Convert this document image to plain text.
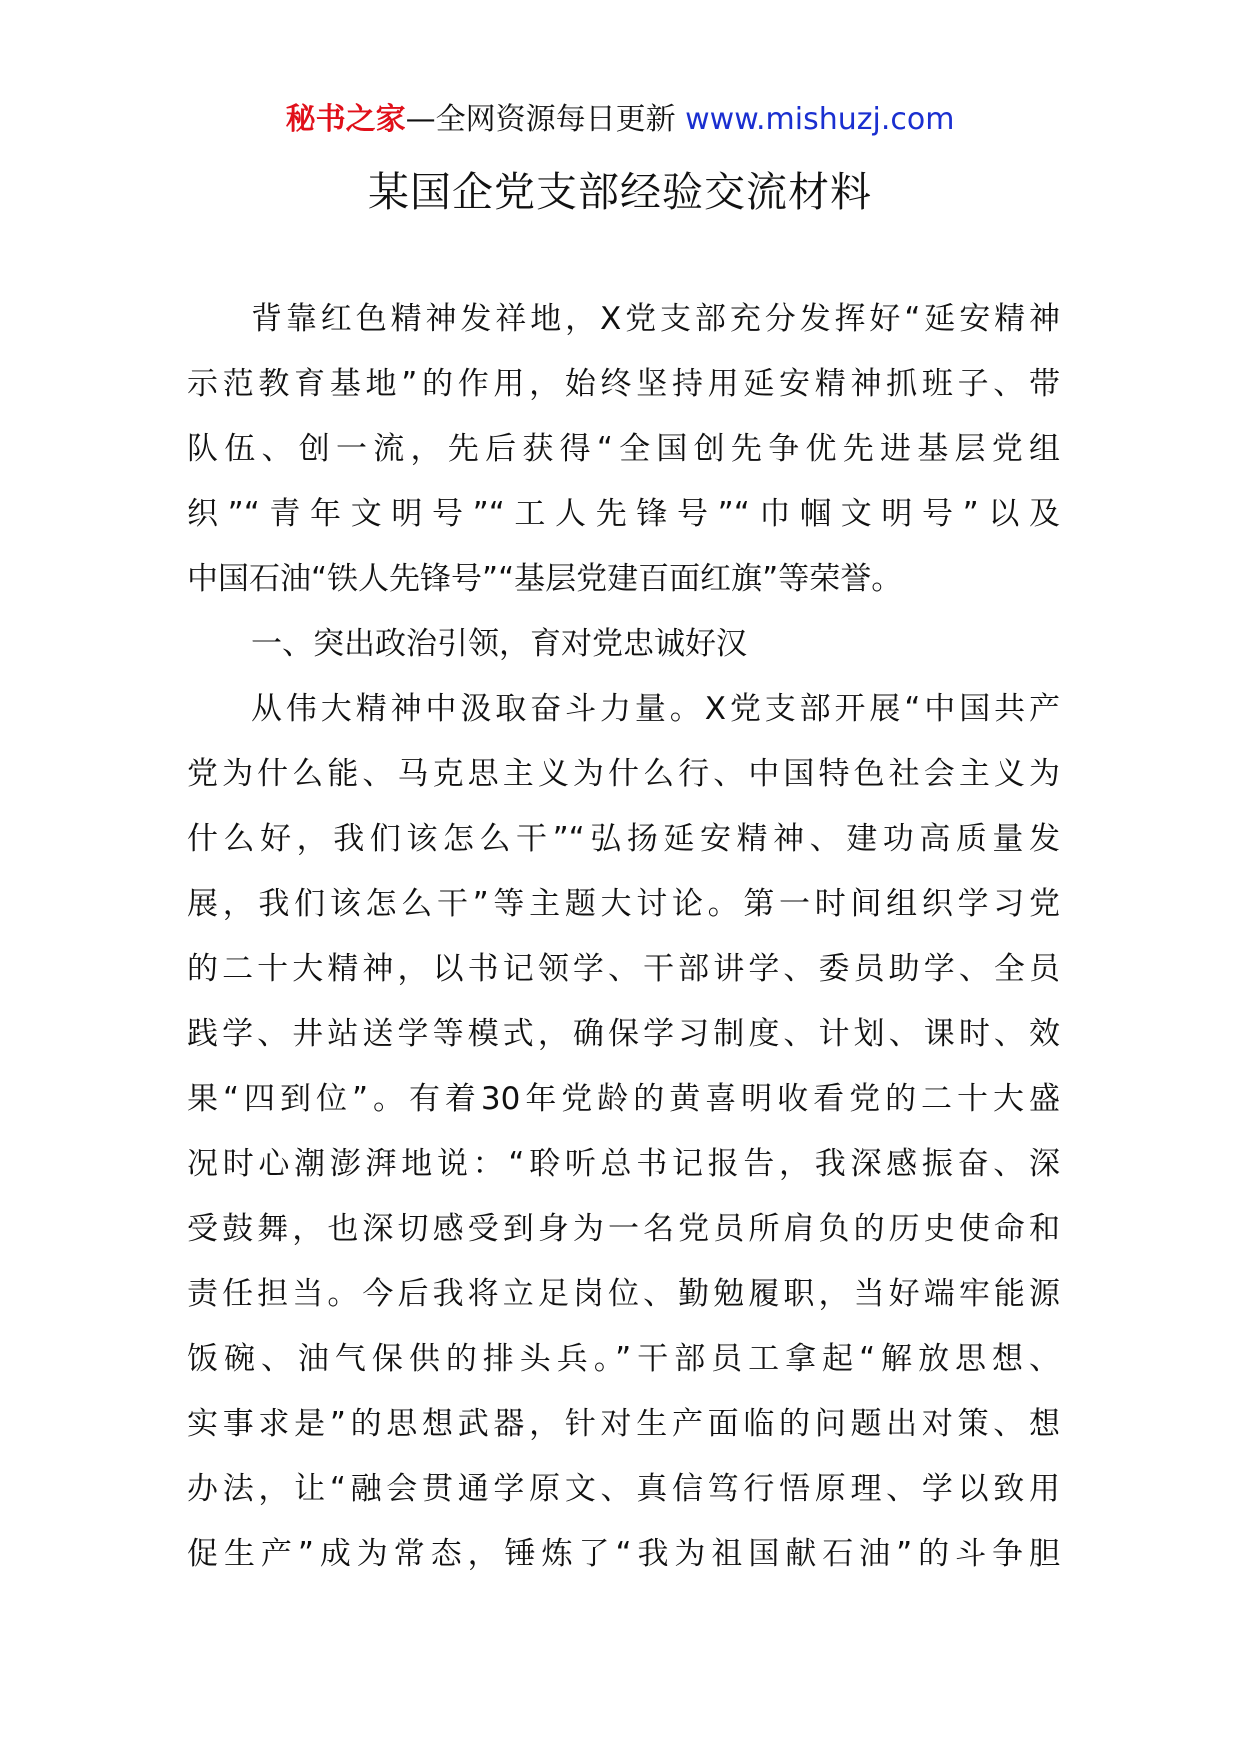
秘书之家—全网资源每日更新 www.mishuzj.com
某国企党支部经验交流材料
背靠红色精神发祥地，X党支部充分发挥好“延安精神
示范教育基地”的作用，始终坚持用延安精神抓班子、带
队伍、创一流，先后获得“全国创先争优先进基层党组
织”“青年文明号”“工人先锋号”“巾帼文明号”以及
中国石油“铁人先锋号”“基层党建百面红旗”等荣誉。
一、突出政治引领，育对党忠诚好汉
从伟大精神中汲取奋斗力量。X党支部开展“中国共产
党为什么能、马克思主义为什么行、中国特色社会主义为
什么好，我们该怎么干”“弘扬延安精神、建功高质量发
展，我们该怎么干”等主题大讨论。第一时间组织学习党
的二十大精神，以书记领学、干部讲学、委员助学、全员
践学、井站送学等模式，确保学习制度、计划、课时、效
果“四到位”。有着30年党龄的黄喜明收看党的二十大盛
况时心潮澎湃地说：“聆听总书记报告，我深感振奋、深
受鼓舞，也深切感受到身为一名党员所肩负的历史使命和
责任担当。今后我将立足岗位、勤勉履职，当好端牢能源
饭碗、油气保供的排头兵。”干部员工拿起“解放思想、
实事求是”的思想武器，针对生产面临的问题出对策、想
办法，让“融会贯通学原文、真信笃行悟原理、学以致用
促生产”成为常态，锤炼了“我为祖国献石油”的斗争胆
